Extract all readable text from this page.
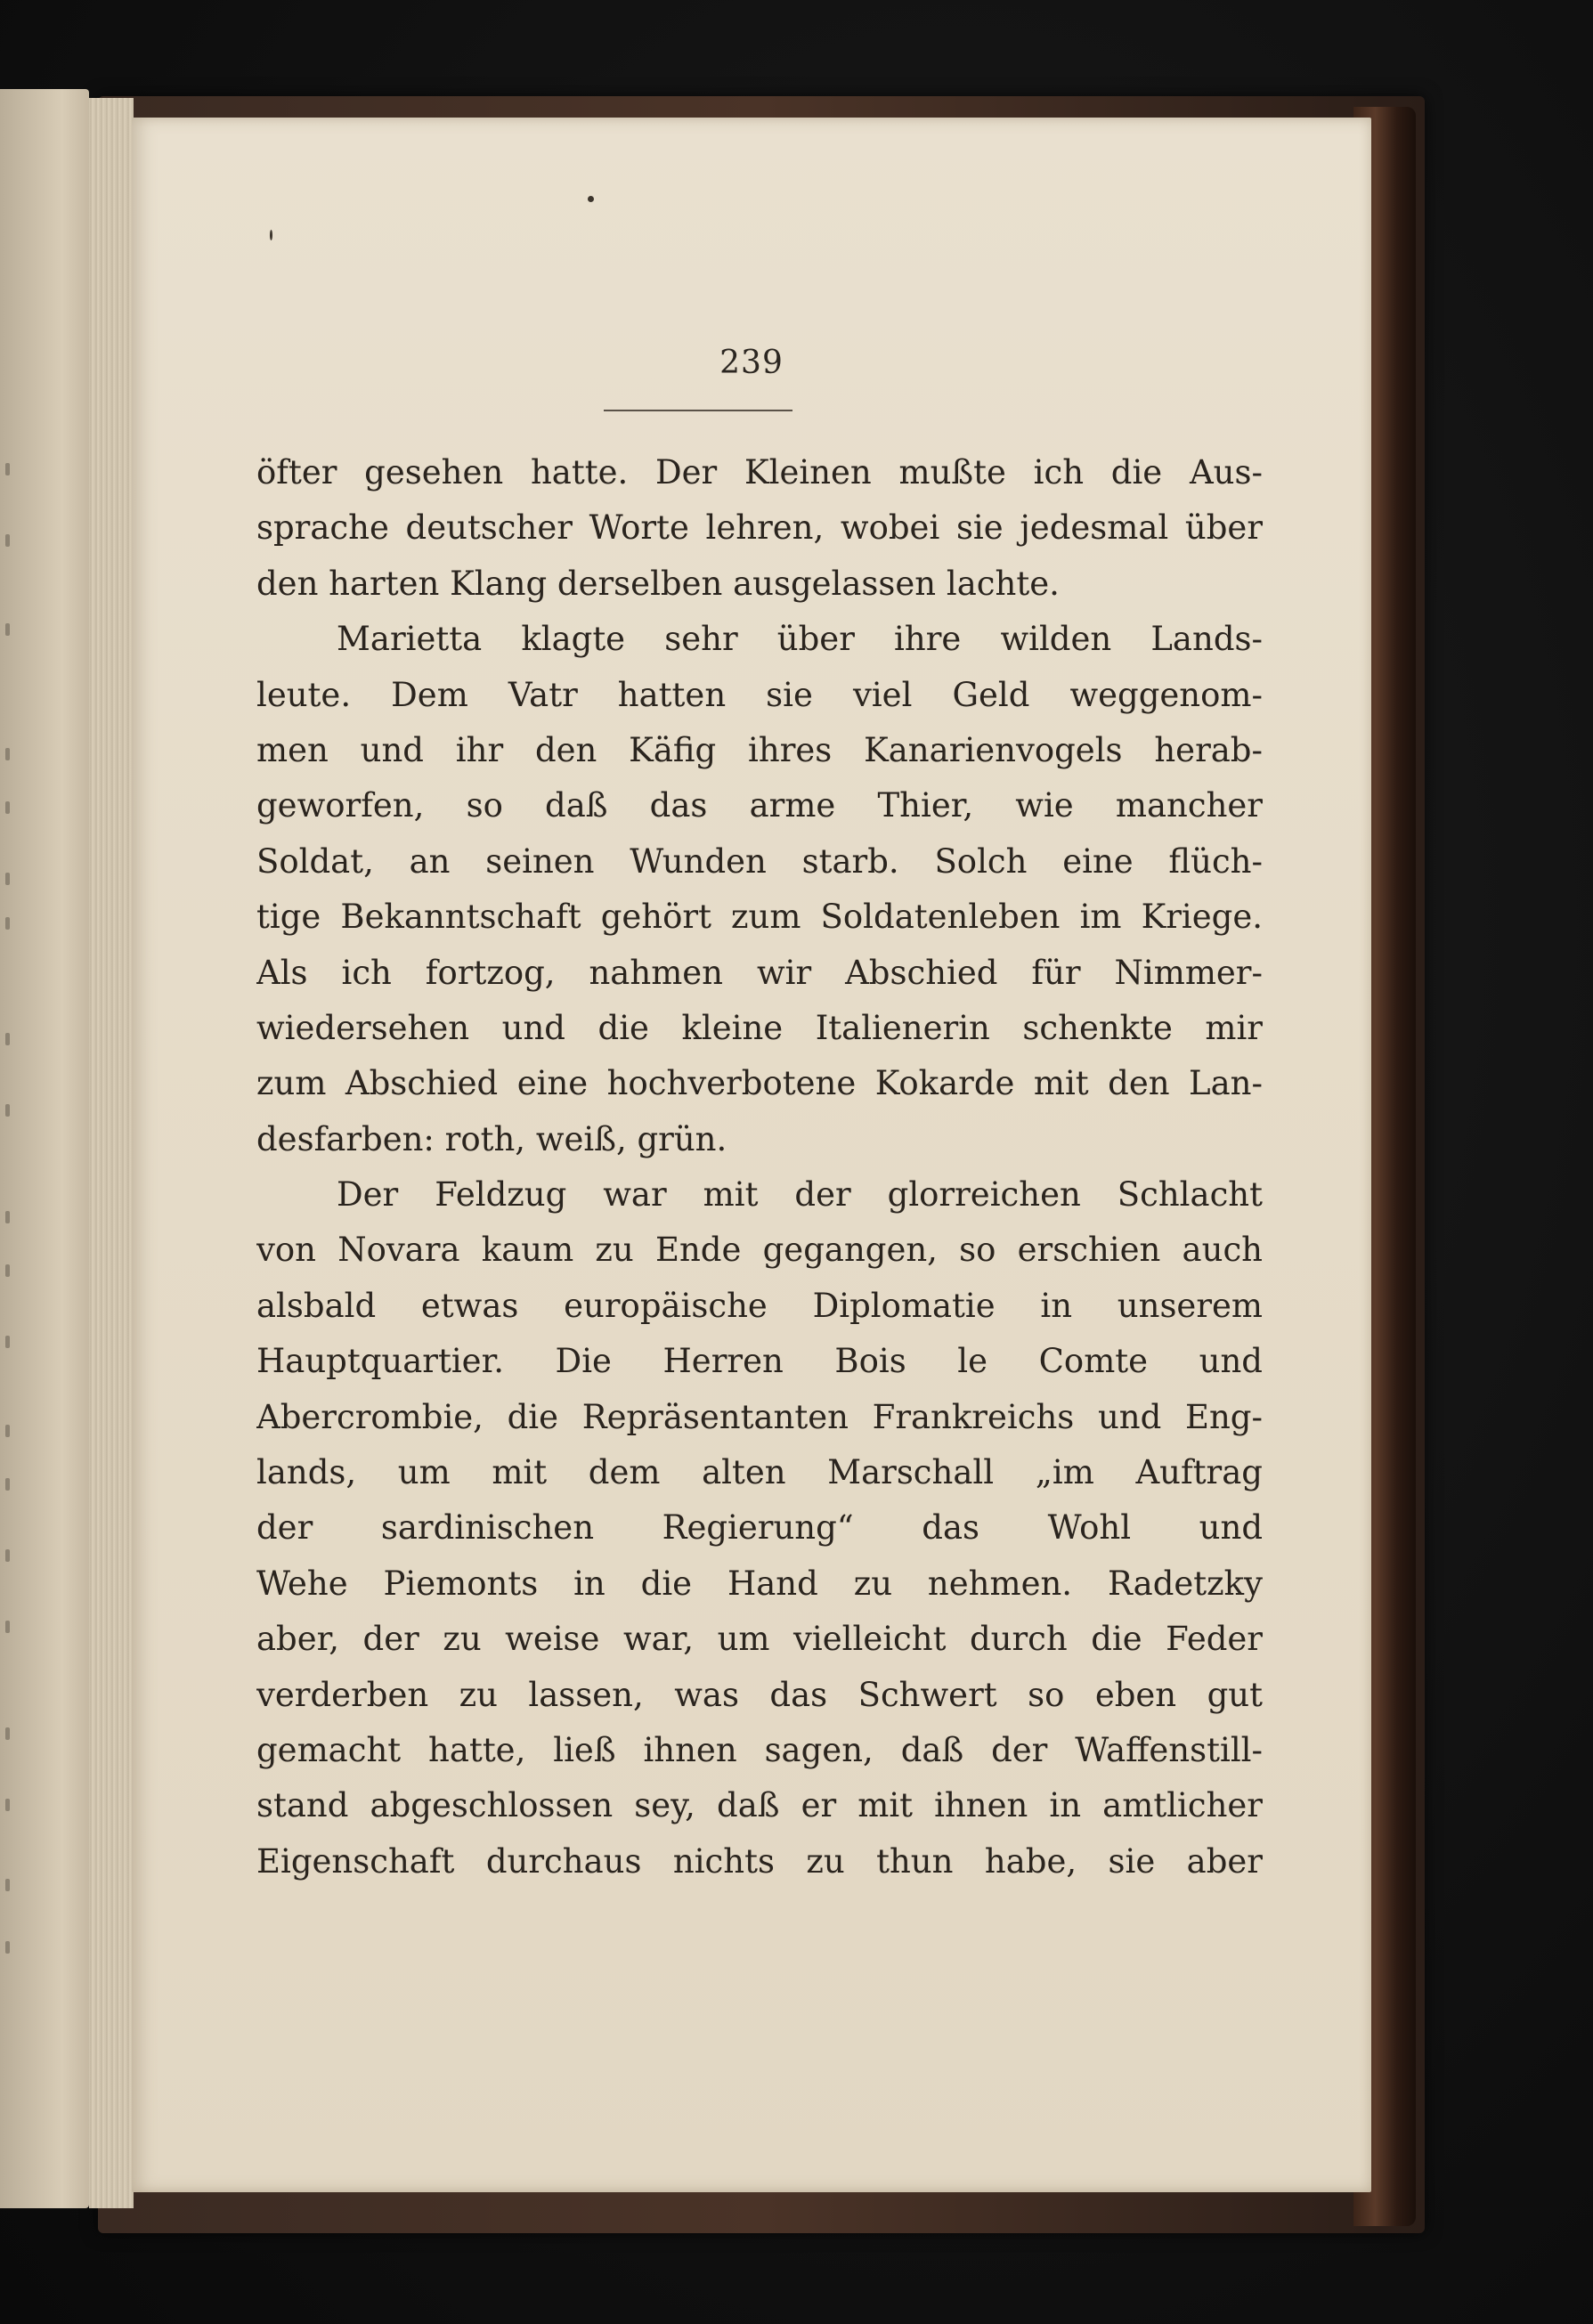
239
öfter gesehen hatte. Der Kleinen mußte ich die Aus-
sprache deutscher Worte lehren, wobei sie jedesmal über
den harten Klang derselben ausgelassen lachte.
Marietta klagte sehr über ihre wilden Lands-
leute. Dem Vatr hatten sie viel Geld weggenom-
men und ihr den Käfig ihres Kanarienvogels herab-
geworfen, so daß das arme Thier, wie mancher
Soldat, an seinen Wunden starb. Solch eine flüch-
tige Bekanntschaft gehört zum Soldatenleben im Kriege.
Als ich fortzog, nahmen wir Abschied für Nimmer-
wiedersehen und die kleine Italienerin schenkte mir
zum Abschied eine hochverbotene Kokarde mit den Lan-
desfarben: roth, weiß, grün.
Der Feldzug war mit der glorreichen Schlacht
von Novara kaum zu Ende gegangen, so erschien auch
alsbald etwas europäische Diplomatie in unserem
Hauptquartier. Die Herren Bois le Comte und
Abercrombie, die Repräsentanten Frankreichs und Eng-
lands, um mit dem alten Marschall „im Auftrag
der sardinischen Regierung“ das Wohl und
Wehe Piemonts in die Hand zu nehmen. Radetzky
aber, der zu weise war, um vielleicht durch die Feder
verderben zu lassen, was das Schwert so eben gut
gemacht hatte, ließ ihnen sagen, daß der Waffenstill-
stand abgeschlossen sey, daß er mit ihnen in amtlicher
Eigenschaft durchaus nichts zu thun habe, sie aber
